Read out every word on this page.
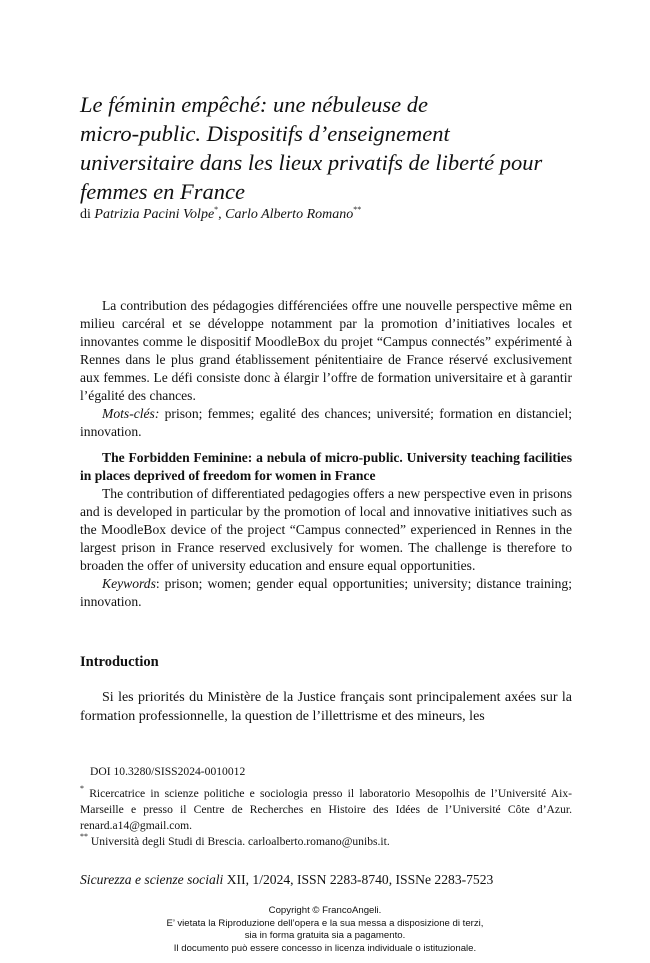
Le féminin empêché: une nébuleuse de
micro-public. Dispositifs d’enseignement
universitaire dans les lieux privatifs de liberté pour
femmes en France
di Patrizia Pacini Volpe*, Carlo Alberto Romano**

La contribution des pédagogies différenciées offre une nouvelle perspective même en milieu carcéral et se développe notamment par la promotion d’initiatives locales et innovantes comme le dispositif MoodleBox du projet “Campus connectés” expérimenté à Rennes dans le plus grand établissement pénitentiaire de France réservé exclusivement aux femmes. Le défi consiste donc à élargir l’offre de formation universitaire et à garantir l’égalité des chances.

Mots-clés: prison; femmes; egalité des chances; université; formation en distanciel; innovation.

The Forbidden Feminine: a nebula of micro-public. University teaching facilities in places deprived of freedom for women in France

The contribution of differentiated pedagogies offers a new perspective even in prisons and is developed in particular by the promotion of local and innovative initiatives such as the MoodleBox device of the project “Campus connected” experienced in Rennes in the largest prison in France reserved exclusively for women. The challenge is therefore to broaden the offer of university education and ensure equal opportunities.

Keywords: prison; women; gender equal opportunities; university; distance training; innovation.

Introduction

Si les priorités du Ministère de la Justice français sont principalement axées sur la formation professionnelle, la question de l’illettrisme et des mineurs, les

DOI 10.3280/SISS2024-0010012
* Ricercatrice in scienze politiche e sociologia presso il laboratorio Mesopolhis de l’Université Aix-Marseille e presso il Centre de Recherches en Histoire des Idées de l’Université Côte d’Azur. renard.a14@gmail.com.
** Università degli Studi di Brescia. carloalberto.romano@unibs.it.
Sicurezza e scienze sociali XII, 1/2024, ISSN 2283-8740, ISSNe 2283-7523
Copyright © FrancoAngeli.
E’ vietata la Riproduzione dell’opera e la sua messa a disposizione di terzi,
sia in forma gratuita sia a pagamento.
Il documento può essere concesso in licenza individuale o istituzionale.
